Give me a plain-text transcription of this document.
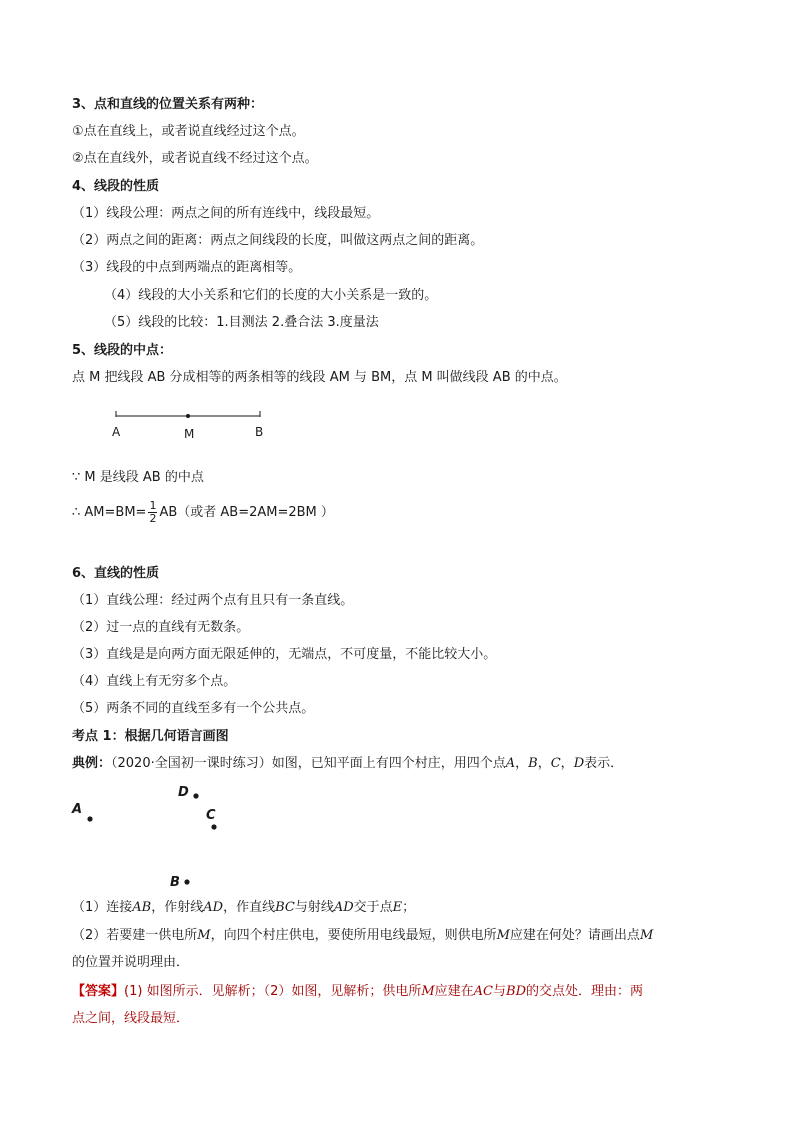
3、点和直线的位置关系有两种：
①点在直线上，或者说直线经过这个点。
②点在直线外，或者说直线不经过这个点。
4、线段的性质
（1）线段公理：两点之间的所有连线中，线段最短。
（2）两点之间的距离：两点之间线段的长度，叫做这两点之间的距离。
（3）线段的中点到两端点的距离相等。
（4）线段的大小关系和它们的长度的大小关系是一致的。
（5）线段的比较：1.目测法 2.叠合法 3.度量法
5、线段的中点：
点 M 把线段 AB 分成相等的两条相等的线段 AM 与 BM，点 M 叫做线段 AB 的中点。
A	M	B
∵ M 是线段 AB 的中点
∴ $AM=BM= \frac{1}{2} AB$（或者 AB=2AM=2BM ）
6、直线的性质
（1）直线公理：经过两个点有且只有一条直线。
（2）过一点的直线有无数条。
（3）直线是是向两方面无限延伸的，无端点，不可度量，不能比较大小。
（4）直线上有无穷多个点。
（5）两条不同的直线至多有一个公共点。
考点 1：根据几何语言画图
典例：（2020·全国初一课时练习）如图，已知平面上有四个村庄，用四个点A，B，C，D表示．
A
D
C
B
（1）连接AB，作射线AD，作直线BC与射线AD交于点E；
（2）若要建一供电所M，向四个村庄供电，要使所用电线最短，则供电所M应建在何处？请画出点M
的位置并说明理由．
【答案】(1) 如图所示．见解析；（2）如图，见解析；供电所M应建在AC与BD的交点处．理由：两
点之间，线段最短．
